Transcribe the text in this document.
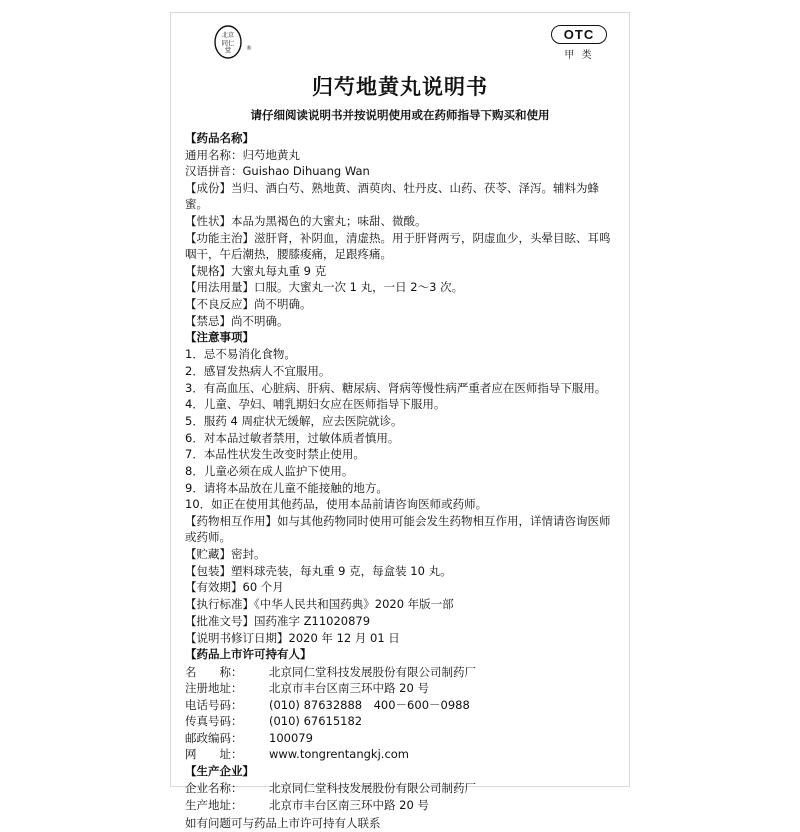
北京
同仁
堂 ®
OTC
甲 类
归芍地黄丸说明书
请仔细阅读说明书并按说明使用或在药师指导下购买和使用
【药品名称】
通用名称：归芍地黄丸
汉语拼音：Guishao Dihuang Wan
【成份】当归、酒白芍、熟地黄、酒萸肉、牡丹皮、山药、茯苓、泽泻。辅料为蜂蜜。
【性状】本品为黑褐色的大蜜丸；味甜、微酸。
【功能主治】滋肝肾，补阴血，清虚热。用于肝肾两亏，阴虚血少，头晕目眩、耳鸣咽干，午后潮热，腰膝痠痛，足跟疼痛。
【规格】大蜜丸每丸重 9 克
【用法用量】口服。大蜜丸一次 1 丸，一日 2～3 次。
【不良反应】尚不明确。
【禁忌】尚不明确。
【注意事项】
1．忌不易消化食物。
2．感冒发热病人不宜服用。
3．有高血压、心脏病、肝病、糖尿病、肾病等慢性病严重者应在医师指导下服用。
4．儿童、孕妇、哺乳期妇女应在医师指导下服用。
5．服药 4 周症状无缓解，应去医院就诊。
6．对本品过敏者禁用，过敏体质者慎用。
7．本品性状发生改变时禁止使用。
8．儿童必须在成人监护下使用。
9．请将本品放在儿童不能接触的地方。
10．如正在使用其他药品，使用本品前请咨询医师或药师。
【药物相互作用】如与其他药物同时使用可能会发生药物相互作用，详情请咨询医师或药师。
【贮藏】密封。
【包装】塑料球壳装，每丸重 9 克，每盒装 10 丸。
【有效期】60 个月
【执行标准】《中华人民共和国药典》2020 年版一部
【批准文号】国药准字 Z11020879
【说明书修订日期】2020 年 12 月 01 日
【药品上市许可持有人】
名　　称：	北京同仁堂科技发展股份有限公司制药厂
注册地址：	北京市丰台区南三环中路 20 号
电话号码：	(010) 87632888　400－600－0988
传真号码：	(010) 67615182
邮政编码：	100079
网　　址：	www.tongrentangkj.com
【生产企业】
企业名称：	北京同仁堂科技发展股份有限公司制药厂
生产地址：	北京市丰台区南三环中路 20 号
如有问题可与药品上市许可持有人联系
